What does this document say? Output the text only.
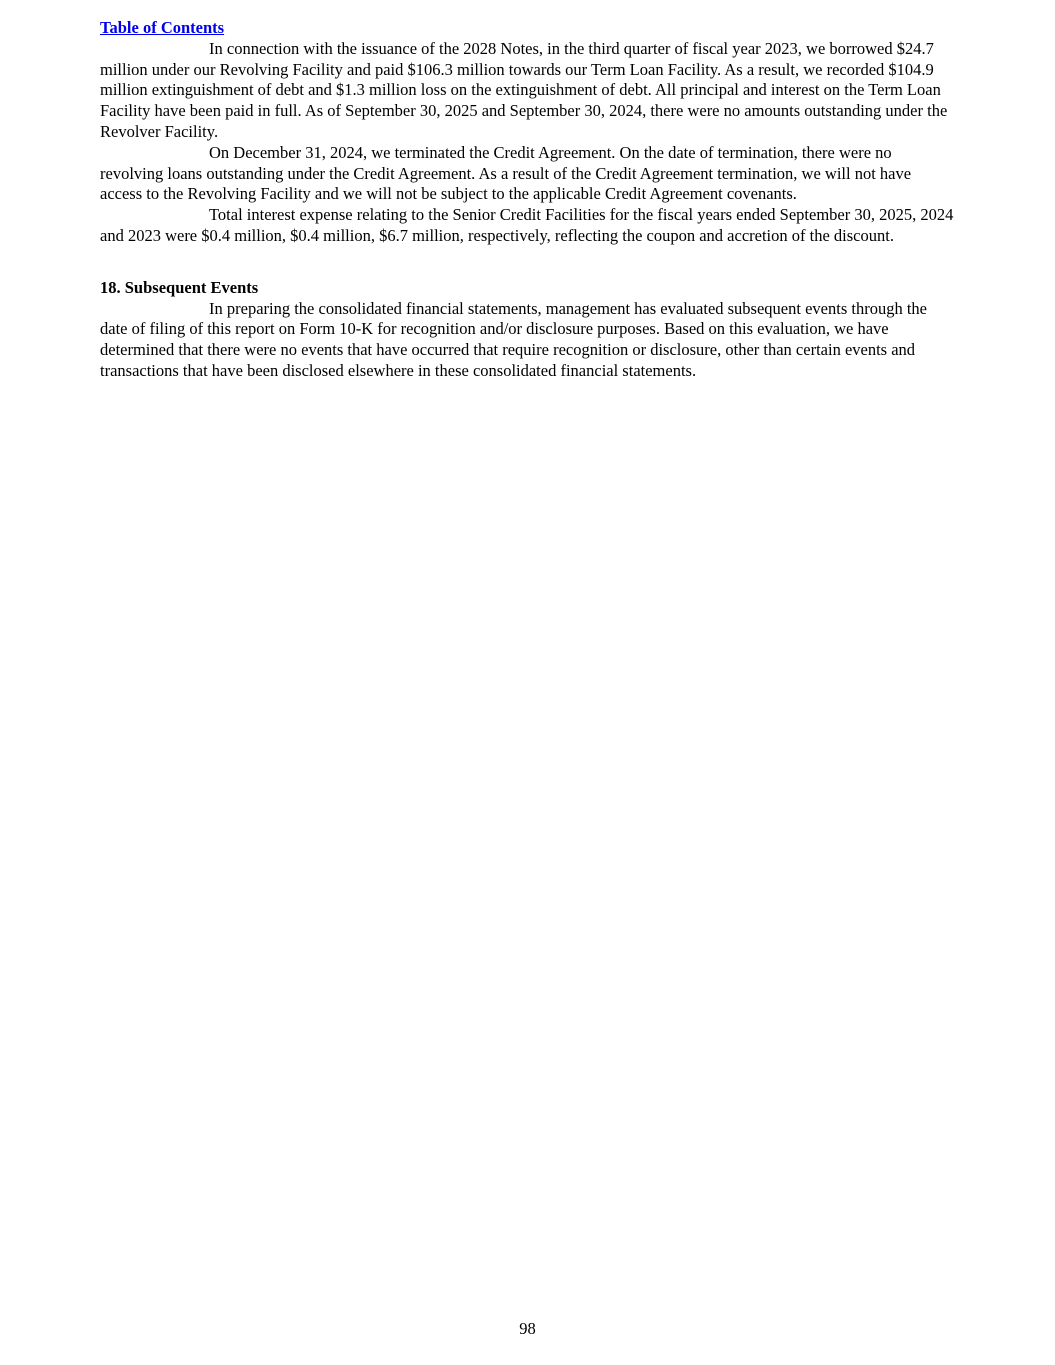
Table of Contents

In connection with the issuance of the 2028 Notes, in the third quarter of fiscal year 2023, we borrowed $24.7 million under our Revolving Facility and paid $106.3 million towards our Term Loan Facility. As a result, we recorded $104.9 million extinguishment of debt and $1.3 million loss on the extinguishment of debt. All principal and interest on the Term Loan Facility have been paid in full. As of September 30, 2025 and September 30, 2024, there were no amounts outstanding under the Revolver Facility.

On December 31, 2024, we terminated the Credit Agreement. On the date of termination, there were no revolving loans outstanding under the Credit Agreement. As a result of the Credit Agreement termination, we will not have access to the Revolving Facility and we will not be subject to the applicable Credit Agreement covenants.

Total interest expense relating to the Senior Credit Facilities for the fiscal years ended September 30, 2025, 2024 and 2023 were $0.4 million, $0.4 million, $6.7 million, respectively, reflecting the coupon and accretion of the discount.

18. Subsequent Events

In preparing the consolidated financial statements, management has evaluated subsequent events through the date of filing of this report on Form 10-K for recognition and/or disclosure purposes. Based on this evaluation, we have determined that there were no events that have occurred that require recognition or disclosure, other than certain events and transactions that have been disclosed elsewhere in these consolidated financial statements.

98
